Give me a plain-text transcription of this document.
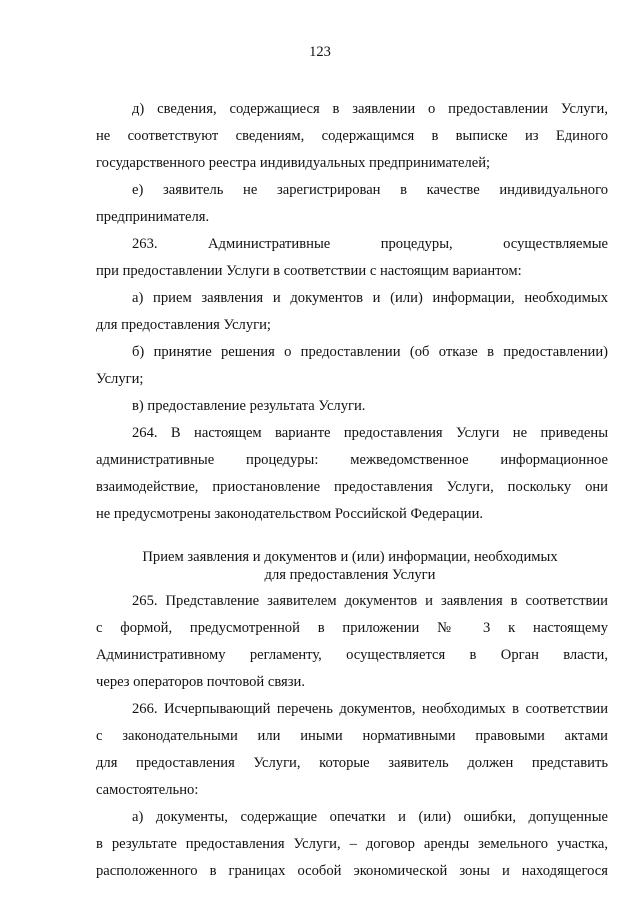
123
д) сведения, содержащиеся в заявлении о предоставлении Услуги,
не соответствуют сведениям, содержащимся в выписке из Единого
государственного реестра индивидуальных предпринимателей;
е) заявитель не зарегистрирован в качестве индивидуального
предпринимателя.
263. Административные процедуры, осуществляемые
при предоставлении Услуги в соответствии с настоящим вариантом:
а) прием заявления и документов и (или) информации, необходимых
для предоставления Услуги;
б) принятие решения о предоставлении (об отказе в предоставлении)
Услуги;
в) предоставление результата Услуги.
264. В настоящем варианте предоставления Услуги не приведены
административные процедуры: межведомственное информационное
взаимодействие, приостановление предоставления Услуги, поскольку они
не предусмотрены законодательством Российской Федерации.
Прием заявления и документов и (или) информации, необходимых
для предоставления Услуги
265. Представление заявителем документов и заявления в соответствии
с формой, предусмотренной в приложении № 3 к настоящему
Административному регламенту, осуществляется в Орган власти,
через операторов почтовой связи.
266. Исчерпывающий перечень документов, необходимых в соответствии
с законодательными или иными нормативными правовыми актами
для предоставления Услуги, которые заявитель должен представить
самостоятельно:
а) документы, содержащие опечатки и (или) ошибки, допущенные
в результате предоставления Услуги, – договор аренды земельного участка,
расположенного в границах особой экономической зоны и находящегося
